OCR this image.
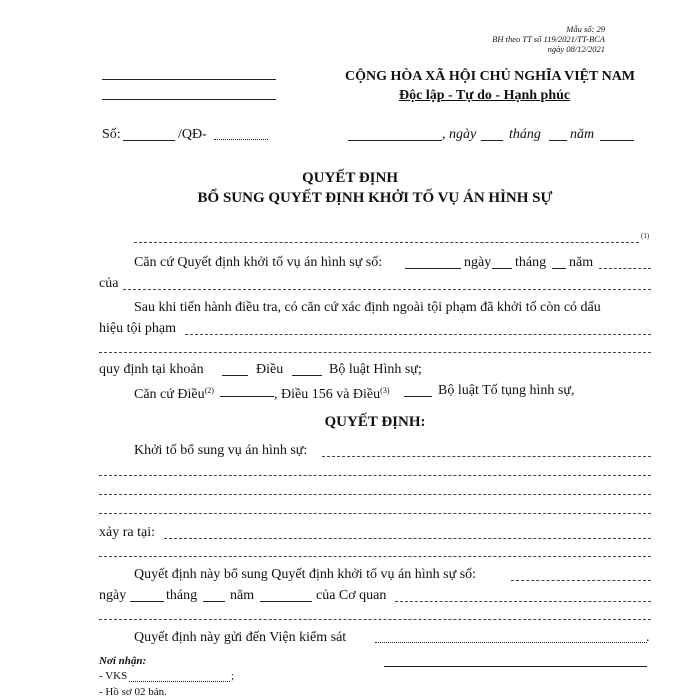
Mẫu số: 29
BH theo TT số 119/2021/TT-BCA
ngày 08/12/2021
CỘNG HÒA XÃ HỘI CHỦ NGHĨA VIỆT NAM
Độc lập - Tự do - Hạnh phúc
Số:	/QĐ-	, ngày tháng năm
QUYẾT ĐỊNH
BỔ SUNG QUYẾT ĐỊNH KHỞI TỐ VỤ ÁN HÌNH SỰ
(1)
Căn cứ Quyết định khởi tố vụ án hình sự số:	ngày tháng năm
của
Sau khi tiến hành điều tra, có căn cứ xác định ngoài tội phạm đã khởi tố còn có dấu
hiệu tội phạm
quy định tại khoản	Điều	Bộ luật Hình sự;
Căn cứ Điều$^{(2)}$	, Điều 156 và Điều$^{(3)}$	Bộ luật Tố tụng hình sự,
QUYẾT ĐỊNH:
Khởi tố bổ sung vụ án hình sự:
xảy ra tại:
Quyết định này bổ sung Quyết định khởi tố vụ án hình sự số:
ngày	tháng năm	của Cơ quan
Quyết định này gửi đến Viện kiểm sát	.
Nơi nhận:
- VKS	;
- Hồ sơ 02 bản.
